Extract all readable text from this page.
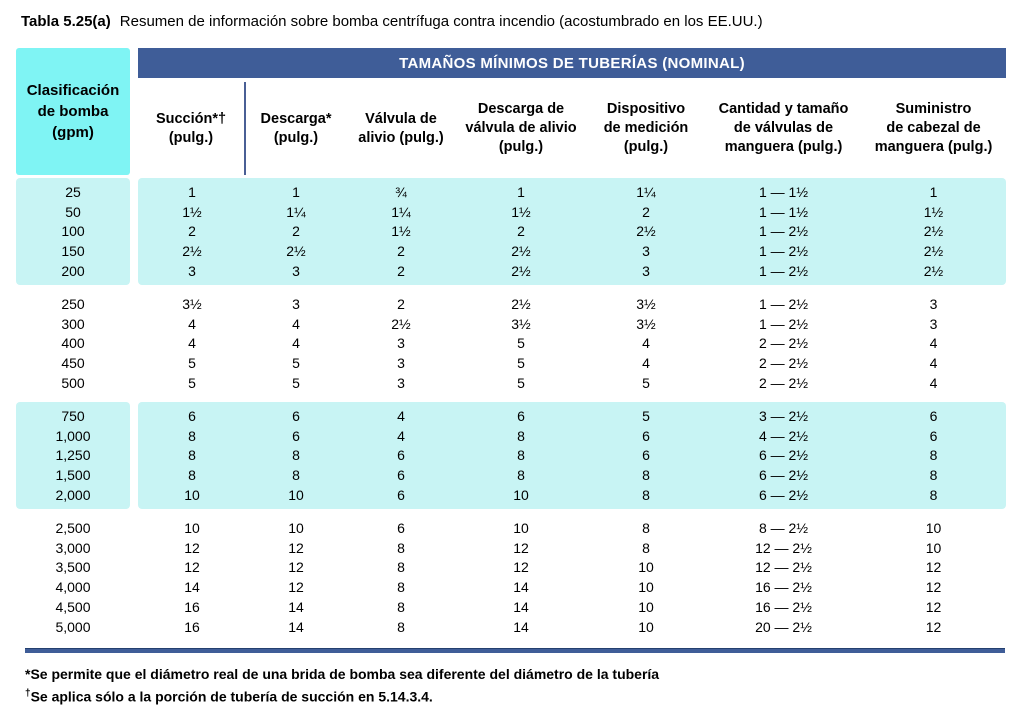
Tabla 5.25(a) Resumen de información sobre bomba centrífuga contra incendio (acostumbrado en los EE.UU.)
Clasificación
de bomba
(gpm)
TAMAÑOS MÍNIMOS DE TUBERÍAS (NOMINAL)
Succión*†
(pulg.)
Descarga*
(pulg.)
Válvula de
alivio (pulg.)
Descarga de
válvula de alivio
(pulg.)
Dispositivo
de medición
(pulg.)
Cantidad y tamaño
de válvulas de
manguera (pulg.)
Suministro
de cabezal de
manguera (pulg.)
25	1	1	¾	1	1¼	1 — 1½	1
50	1½	1¼	1¼	1½	2	1 — 1½	1½
100	2	2	1½	2	2½	1 — 2½	2½
150	2½	2½	2	2½	3	1 — 2½	2½
200	3	3	2	2½	3	1 — 2½	2½
250	3½	3	2	2½	3½	1 — 2½	3
300	4	4	2½	3½	3½	1 — 2½	3
400	4	4	3	5	4	2 — 2½	4
450	5	5	3	5	4	2 — 2½	4
500	5	5	3	5	5	2 — 2½	4
750	6	6	4	6	5	3 — 2½	6
1,000	8	6	4	8	6	4 — 2½	6
1,250	8	8	6	8	6	6 — 2½	8
1,500	8	8	6	8	8	6 — 2½	8
2,000	10	10	6	10	8	6 — 2½	8
2,500	10	10	6	10	8	8 — 2½	10
3,000	12	12	8	12	8	12 — 2½	10
3,500	12	12	8	12	10	12 — 2½	12
4,000	14	12	8	14	10	16 — 2½	12
4,500	16	14	8	14	10	16 — 2½	12
5,000	16	14	8	14	10	20 — 2½	12
*Se permite que el diámetro real de una brida de bomba sea diferente del diámetro de la tubería
†Se aplica sólo a la porción de tubería de succión en 5.14.3.4.
